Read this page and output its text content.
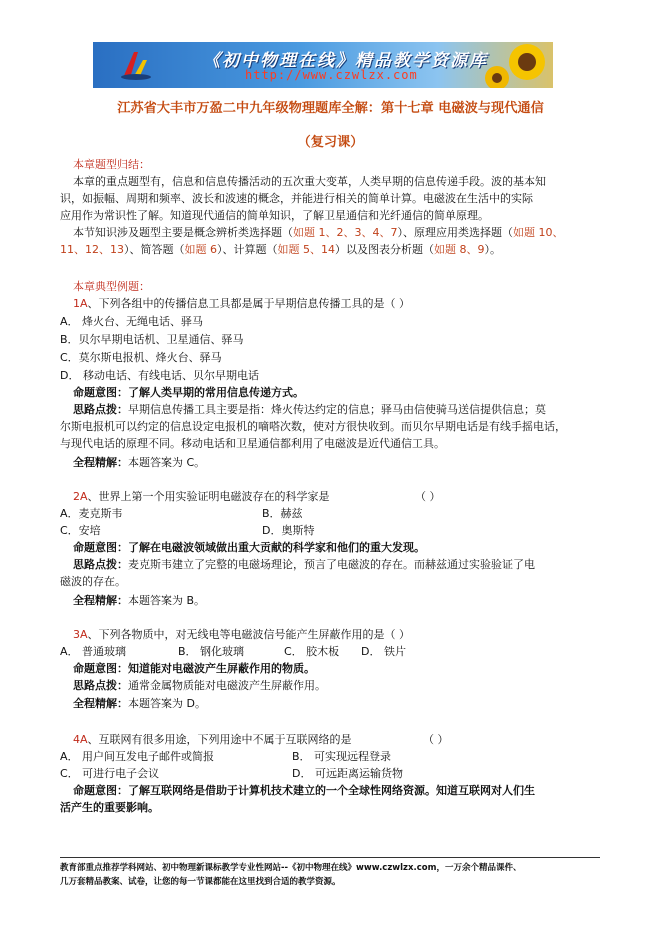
《初中物理在线》精品教学资源库
http://www.czwlzx.com
江苏省大丰市万盈二中九年级物理题库全解：第十七章 电磁波与现代通信
（复习课）
本章题型归结：
本章的重点题型有，信息和信息传播活动的五次重大变革，人类早期的信息传递手段。波的基本知
识，如振幅、周期和频率、波长和波速的概念，并能进行相关的简单计算。电磁波在生活中的实际
应用作为常识性了解。知道现代通信的简单知识，了解卫星通信和光纤通信的简单原理。
本节知识涉及题型主要是概念辨析类选择题（如题 1、2、3、4、7）、原理应用类选择题（如题 10、
11、12、13）、简答题（如题 6）、计算题（如题 5、14）以及图表分析题（如题 8、9）。
本章典型例题：
1A、下列各组中的传播信息工具都是属于早期信息传播工具的是（ ）
A． 烽火台、无绳电话、驿马
B．贝尔早期电话机、卫星通信、驿马
C．莫尔斯电报机、烽火台、驿马
D． 移动电话、有线电话、贝尔早期电话
命题意图：了解人类早期的常用信息传递方式。
思路点拨：早期信息传播工具主要是指：烽火传达约定的信息；驿马由信使骑马送信提供信息；莫
尔斯电报机可以约定的信息设定电报机的嘀嗒次数，使对方很快收到。而贝尔早期电话是有线手摇电话，
与现代电话的原理不同。移动电话和卫星通信都利用了电磁波是近代通信工具。
全程精解：本题答案为 C。
2A、世界上第一个用实验证明电磁波存在的科学家是	（ ）
A．麦克斯韦	B．赫兹
C．安培	D．奥斯特
命题意图：了解在电磁波领域做出重大贡献的科学家和他们的重大发现。
思路点拨：麦克斯韦建立了完整的电磁场理论，预言了电磁波的存在。而赫兹通过实验验证了电
磁波的存在。
全程精解：本题答案为 B。
3A、下列各物质中，对无线电等电磁波信号能产生屏蔽作用的是（ ）
A． 普通玻璃	B． 钢化玻璃	C． 胶木板 D． 铁片
命题意图：知道能对电磁波产生屏蔽作用的物质。
思路点拨：通常金属物质能对电磁波产生屏蔽作用。
全程精解：本题答案为 D。
4A、互联网有很多用途，下列用途中不属于互联网络的是	（ ）
A． 用户间互发电子邮件或简报	B． 可实现远程登录
C． 可进行电子会议	D． 可远距离运输货物
命题意图：了解互联网络是借助于计算机技术建立的一个全球性网络资源。知道互联网对人们生
活产生的重要影响。
教育部重点推荐学科网站、初中物理新课标教学专业性网站--《初中物理在线》www.czwlzx.com，一万余个精品课件、
几万套精品教案、试卷，让您的每一节课都能在这里找到合适的教学资源。
